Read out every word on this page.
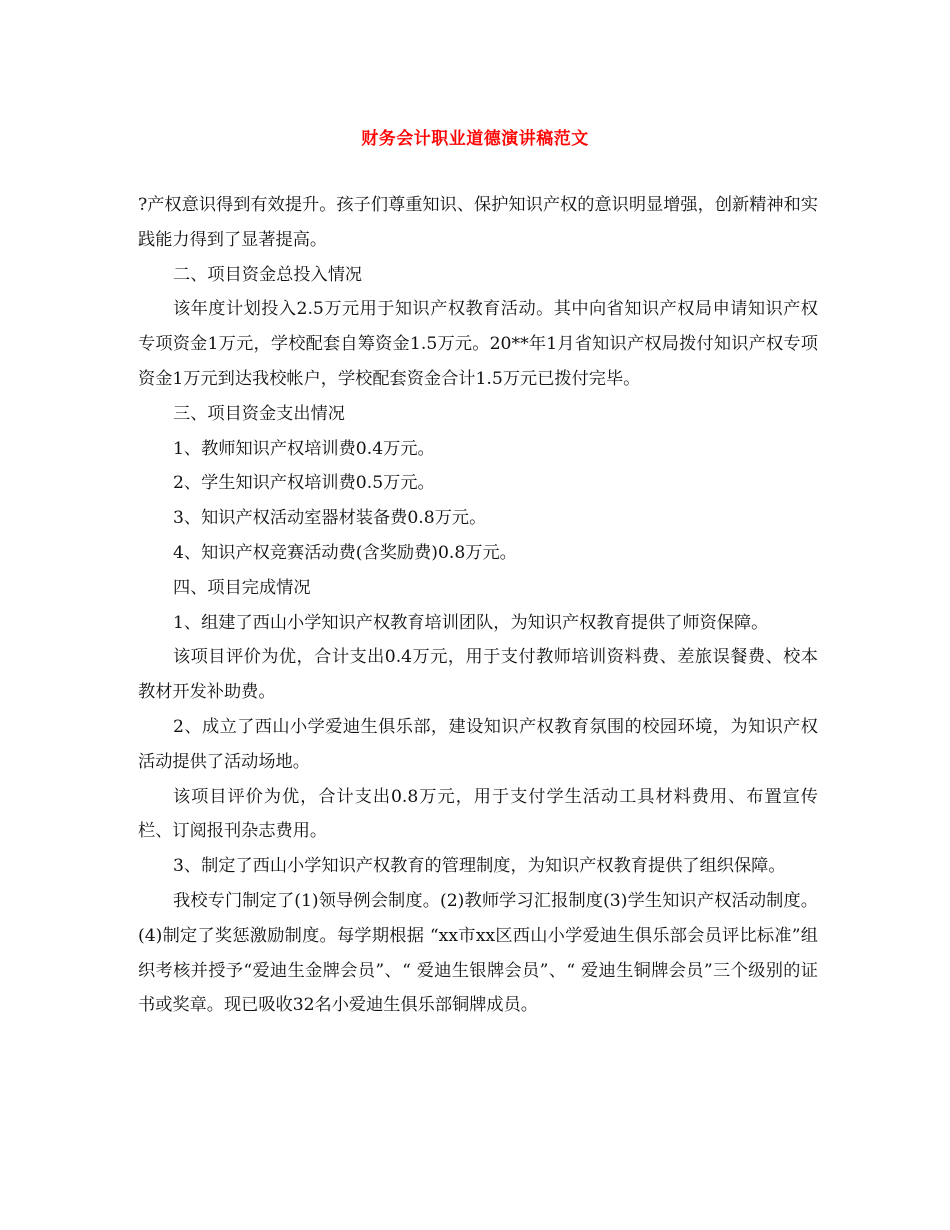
财务会计职业道德演讲稿范文

?产权意识得到有效提升。孩子们尊重知识、保护知识产权的意识明显增强，创新精神和实践能力得到了显著提高。

二、项目资金总投入情况

该年度计划投入2.5万元用于知识产权教育活动。其中向省知识产权局申请知识产权专项资金1万元，学校配套自筹资金1.5万元。20**年1月省知识产权局拨付知识产权专项资金1万元到达我校帐户，学校配套资金合计1.5万元已拨付完毕。

三、项目资金支出情况

1、教师知识产权培训费0.4万元。

2、学生知识产权培训费0.5万元。

3、知识产权活动室器材装备费0.8万元。

4、知识产权竞赛活动费(含奖励费)0.8万元。

四、项目完成情况

1、组建了西山小学知识产权教育培训团队，为知识产权教育提供了师资保障。

该项目评价为优，合计支出0.4万元，用于支付教师培训资料费、差旅误餐费、校本教材开发补助费。

2、成立了西山小学爱迪生俱乐部，建设知识产权教育氛围的校园环境，为知识产权活动提供了活动场地。

该项目评价为优，合计支出0.8万元，用于支付学生活动工具材料费用、布置宣传栏、订阅报刊杂志费用。

3、制定了西山小学知识产权教育的管理制度，为知识产权教育提供了组织保障。

我校专门制定了(1)领导例会制度。(2)教师学习汇报制度(3)学生知识产权活动制度。(4)制定了奖惩激励制度。每学期根据 “xx市xx区西山小学爱迪生俱乐部会员评比标准”组织考核并授予“爱迪生金牌会员”、“ 爱迪生银牌会员”、“ 爱迪生铜牌会员”三个级别的证书或奖章。现已吸收32名小爱迪生俱乐部铜牌成员。
